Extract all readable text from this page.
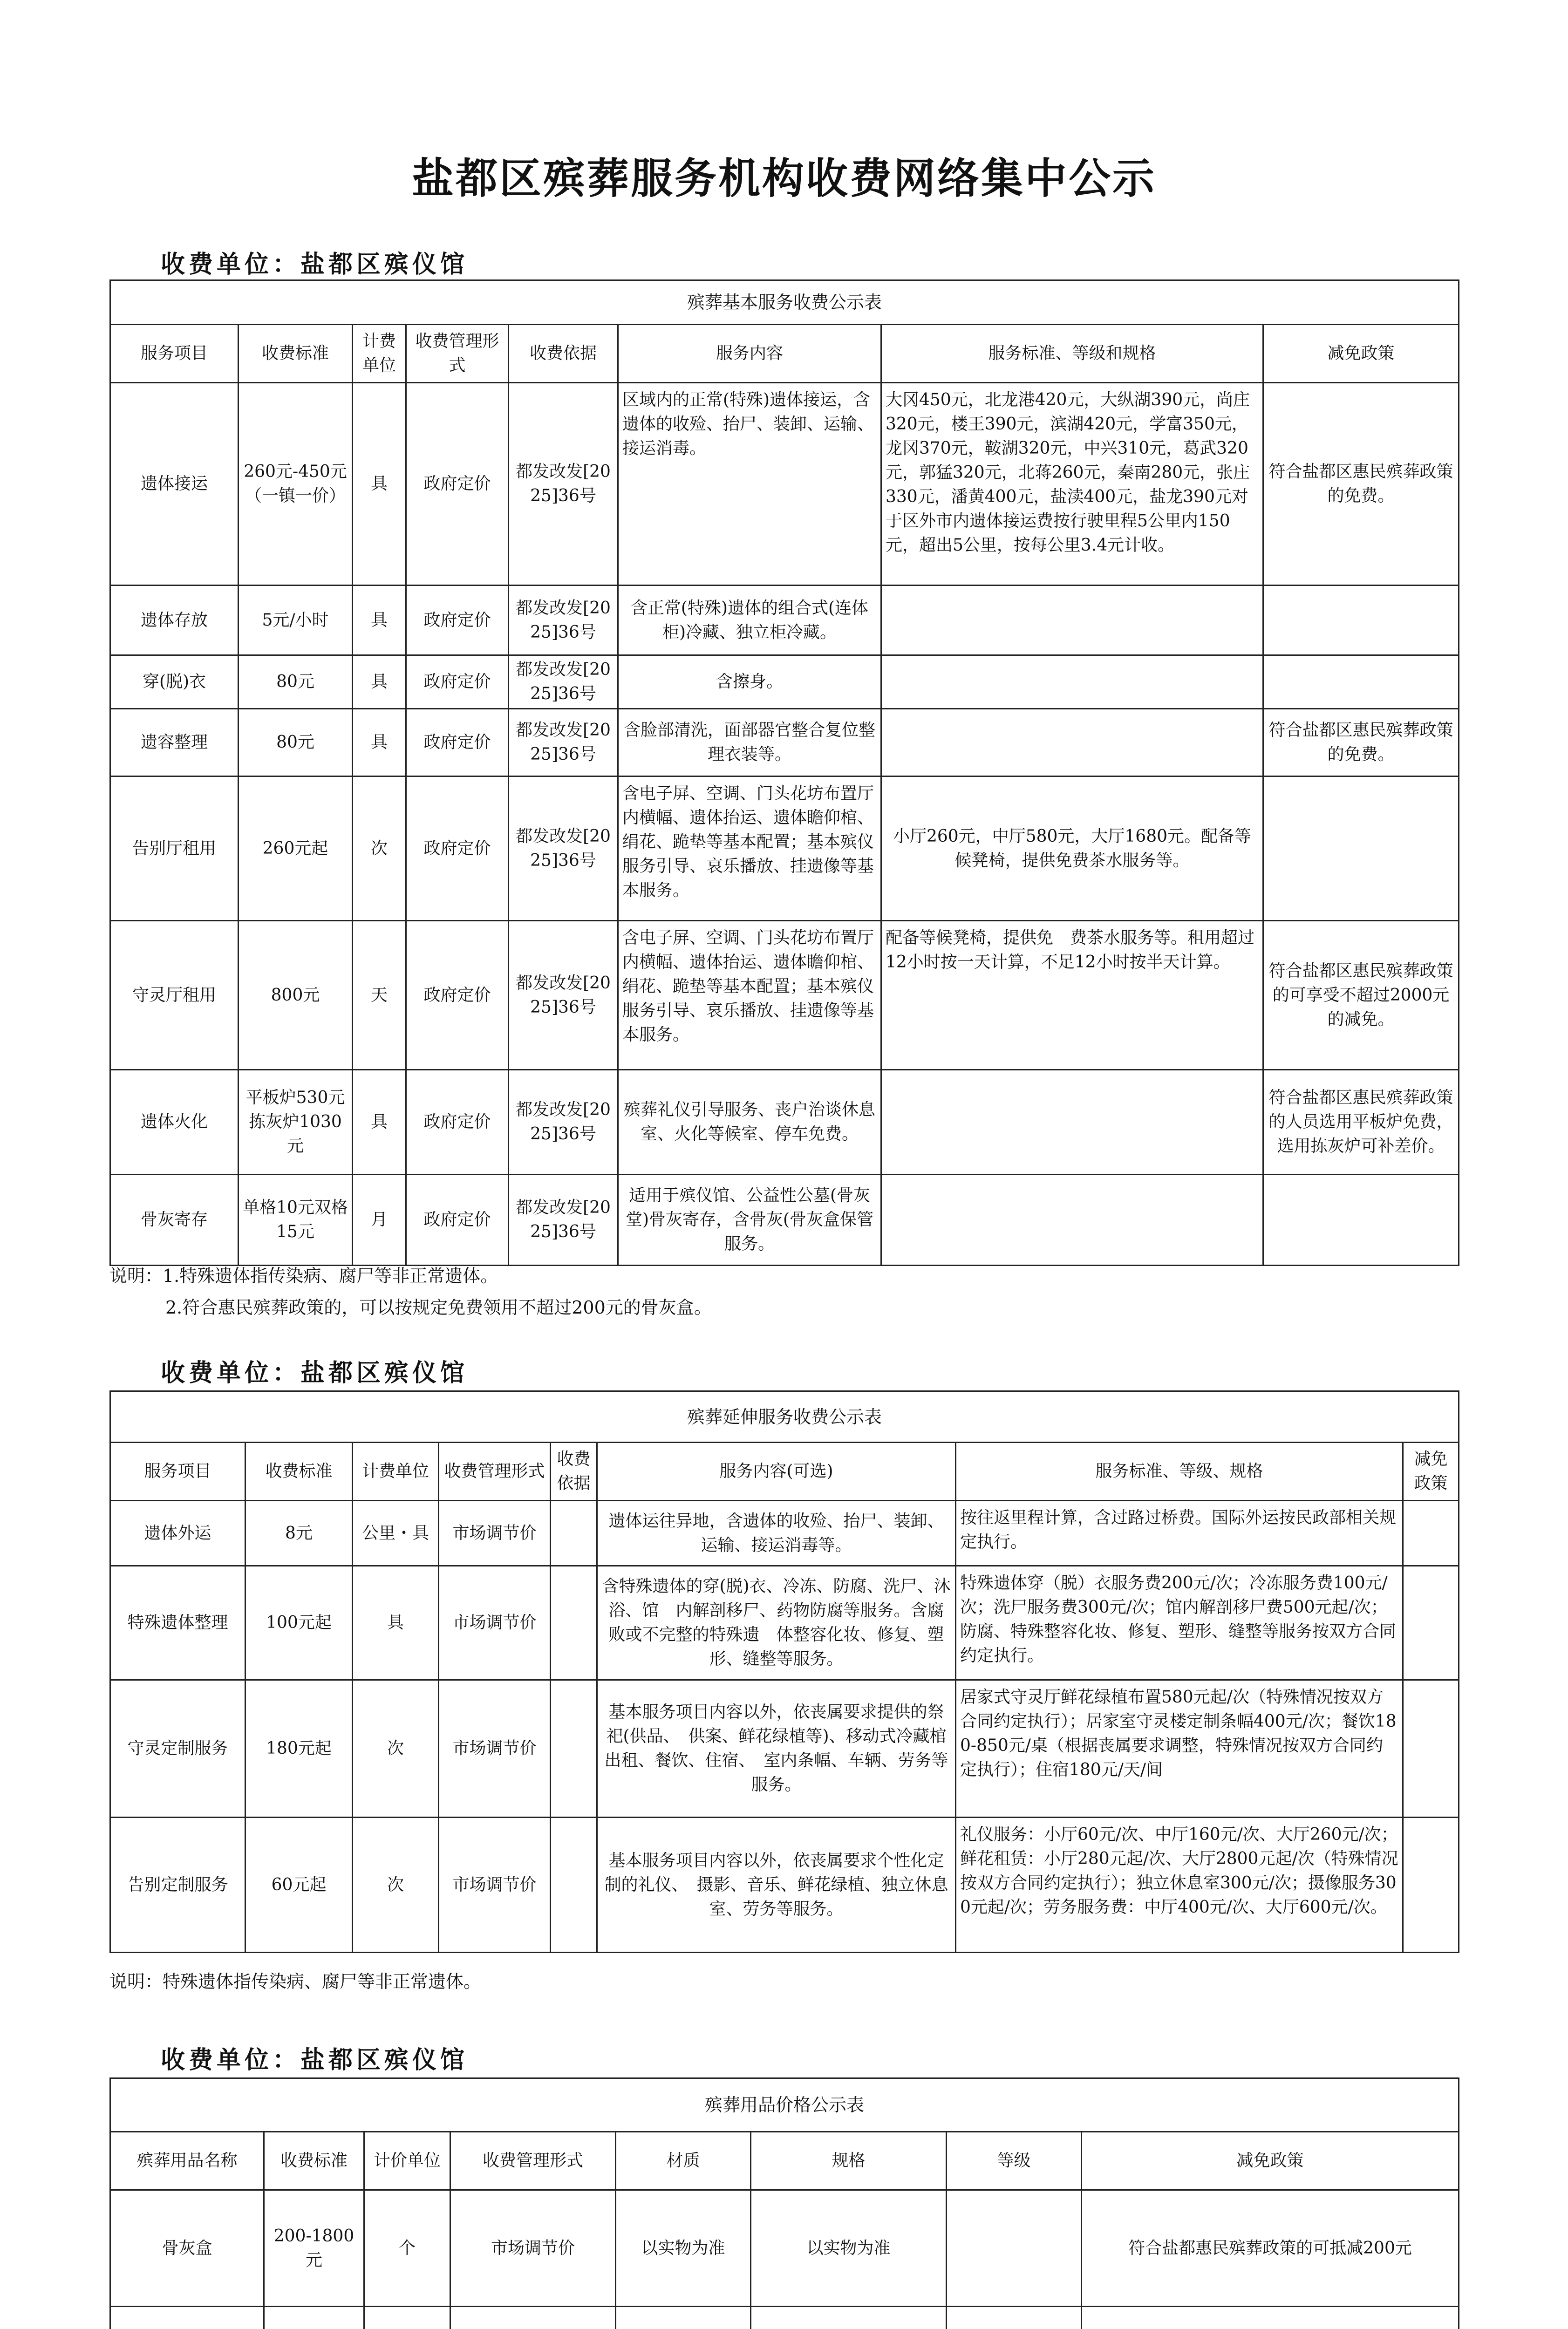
盐都区殡葬服务机构收费网络集中公示
收费单位：盐都区殡仪馆
殡葬基本服务收费公示表							
服务项目	收费标准	计费单位	收费管理形式	收费依据	服务内容	服务标准、等级和规格	减免政策
遗体接运	260元-450元（一镇一价）	具	政府定价	都发改发[2025]36号	区域内的正常(特殊)遗体接运，含遗体的收殓、抬尸、装卸、运输、接运消毒。	大冈450元，北龙港420元，大纵湖390元，尚庄320元，楼王390元，滨湖420元，学富350元，龙冈370元，鞍湖320元，中兴310元，葛武320元，郭猛320元，北蒋260元，秦南280元，张庄330元，潘黄400元，盐渎400元，盐龙390元对于区外市内遗体接运费按行驶里程5公里内150元，超出5公里，按每公里3.4元计收。	符合盐都区惠民殡葬政策的免费。
遗体存放	5元/小时	具	政府定价	都发改发[2025]36号	含正常(特殊)遗体的组合式(连体柜)冷藏、独立柜冷藏。		
穿(脱)衣	80元	具	政府定价	都发改发[2025]36号	含擦身。		
遗容整理	80元	具	政府定价	都发改发[2025]36号	含脸部清洗，面部器官整合复位整理衣装等。		符合盐都区惠民殡葬政策的免费。
告别厅租用	260元起	次	政府定价	都发改发[2025]36号	含电子屏、空调、门头花坊布置厅内横幅、遗体抬运、遗体瞻仰棺、绢花、跪垫等基本配置；基本殡仪服务引导、哀乐播放、挂遗像等基本服务。	小厅260元，中厅580元，大厅1680元。配备等候凳椅，提供免费茶水服务等。	
守灵厅租用	800元	天	政府定价	都发改发[2025]36号	含电子屏、空调、门头花坊布置厅内横幅、遗体抬运、遗体瞻仰棺、绢花、跪垫等基本配置；基本殡仪服务引导、哀乐播放、挂遗像等基本服务。	配备等候凳椅，提供免　费茶水服务等。租用超过12小时按一天计算，不足12小时按半天计算。	符合盐都区惠民殡葬政策的可享受不超过2000元的减免。
遗体火化	平板炉530元拣灰炉1030元	具	政府定价	都发改发[2025]36号	殡葬礼仪引导服务、丧户治谈休息室、火化等候室、停车免费。		符合盐都区惠民殡葬政策的人员选用平板炉免费，选用拣灰炉可补差价。
骨灰寄存	单格10元双格15元	月	政府定价	都发改发[2025]36号	适用于殡仪馆、公益性公墓(骨灰堂)骨灰寄存，含骨灰(骨灰盒保管服务。		
说明：1.特殊遗体指传染病、腐尸等非正常遗体。
2.符合惠民殡葬政策的，可以按规定免费领用不超过200元的骨灰盒。
收费单位：盐都区殡仪馆
殡葬延伸服务收费公示表							
服务项目	收费标准	计费单位	收费管理形式	收费依据	服务内容(可选)	服务标准、等级、规格	减免政策
遗体外运	8元	公里・具	市场调节价		遗体运往异地，含遗体的收殓、抬尸、装卸、运输、接运消毒等。	按往返里程计算，含过路过桥费。国际外运按民政部相关规定执行。	
特殊遗体整理	100元起	具	市场调节价		含特殊遗体的穿(脱)衣、冷冻、防腐、洗尸、沐浴、馆　内解剖移尸、药物防腐等服务。含腐败或不完整的特殊遗　体整容化妆、修复、塑形、缝整等服务。	特殊遗体穿（脱）衣服务费200元/次；冷冻服务费100元/次；洗尸服务费300元/次；馆内解剖移尸费500元起/次；防腐、特殊整容化妆、修复、塑形、缝整等服务按双方合同约定执行。	
守灵定制服务	180元起	次	市场调节价		基本服务项目内容以外，依丧属要求提供的祭祀(供品、　供案、鲜花绿植等)、移动式冷藏棺出租、餐饮、住宿、　室内条幅、车辆、劳务等服务。	居家式守灵厅鲜花绿植布置580元起/次（特殊情况按双方合同约定执行）；居家室守灵楼定制条幅400元/次；餐饮180-850元/桌（根据丧属要求调整，特殊情况按双方合同约定执行）；住宿180元/天/间	
告别定制服务	60元起	次	市场调节价		基本服务项目内容以外，依丧属要求个性化定制的礼仪、　摄影、音乐、鲜花绿植、独立休息室、劳务等服务。	礼仪服务：小厅60元/次、中厅160元/次、大厅260元/次；鲜花租赁：小厅280元起/次、大厅2800元起/次（特殊情况按双方合同约定执行）；独立休息室300元/次；摄像服务300元起/次；劳务服务费：中厅400元/次、大厅600元/次。	
说明：特殊遗体指传染病、腐尸等非正常遗体。
收费单位：盐都区殡仪馆
殡葬用品价格公示表							
殡葬用品名称	收费标准	计价单位	收费管理形式	材质	规格	等级	减免政策
骨灰盒	200-1800元	个	市场调节价	以实物为准	以实物为准		符合盐都惠民殡葬政策的可抵减200元
